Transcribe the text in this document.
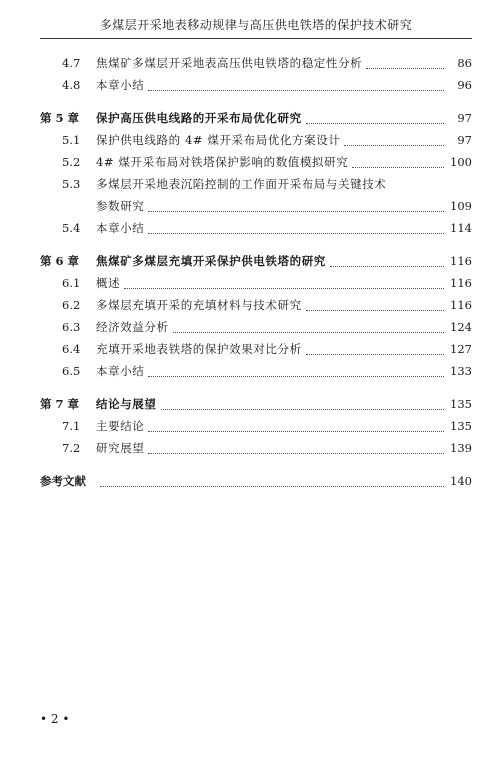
多煤层开采地表移动规律与高压供电铁塔的保护技术研究
4.7	焦煤矿多煤层开采地表高压供电铁塔的稳定性分析	86
4.8	本章小结	96
第 5 章	保护高压供电线路的开采布局优化研究	97
5.1	保护供电线路的 4# 煤开采布局优化方案设计	97
5.2	4# 煤开采布局对铁塔保护影响的数值模拟研究	100
5.3	多煤层开采地表沉陷控制的工作面开采布局与关键技术
参数研究	109
5.4	本章小结	114
第 6 章	焦煤矿多煤层充填开采保护供电铁塔的研究	116
6.1	概述	116
6.2	多煤层充填开采的充填材料与技术研究	116
6.3	经济效益分析	124
6.4	充填开采地表铁塔的保护效果对比分析	127
6.5	本章小结	133
第 7 章	结论与展望	135
7.1	主要结论	135
7.2	研究展望	139
参考文献	140
• 2 •
